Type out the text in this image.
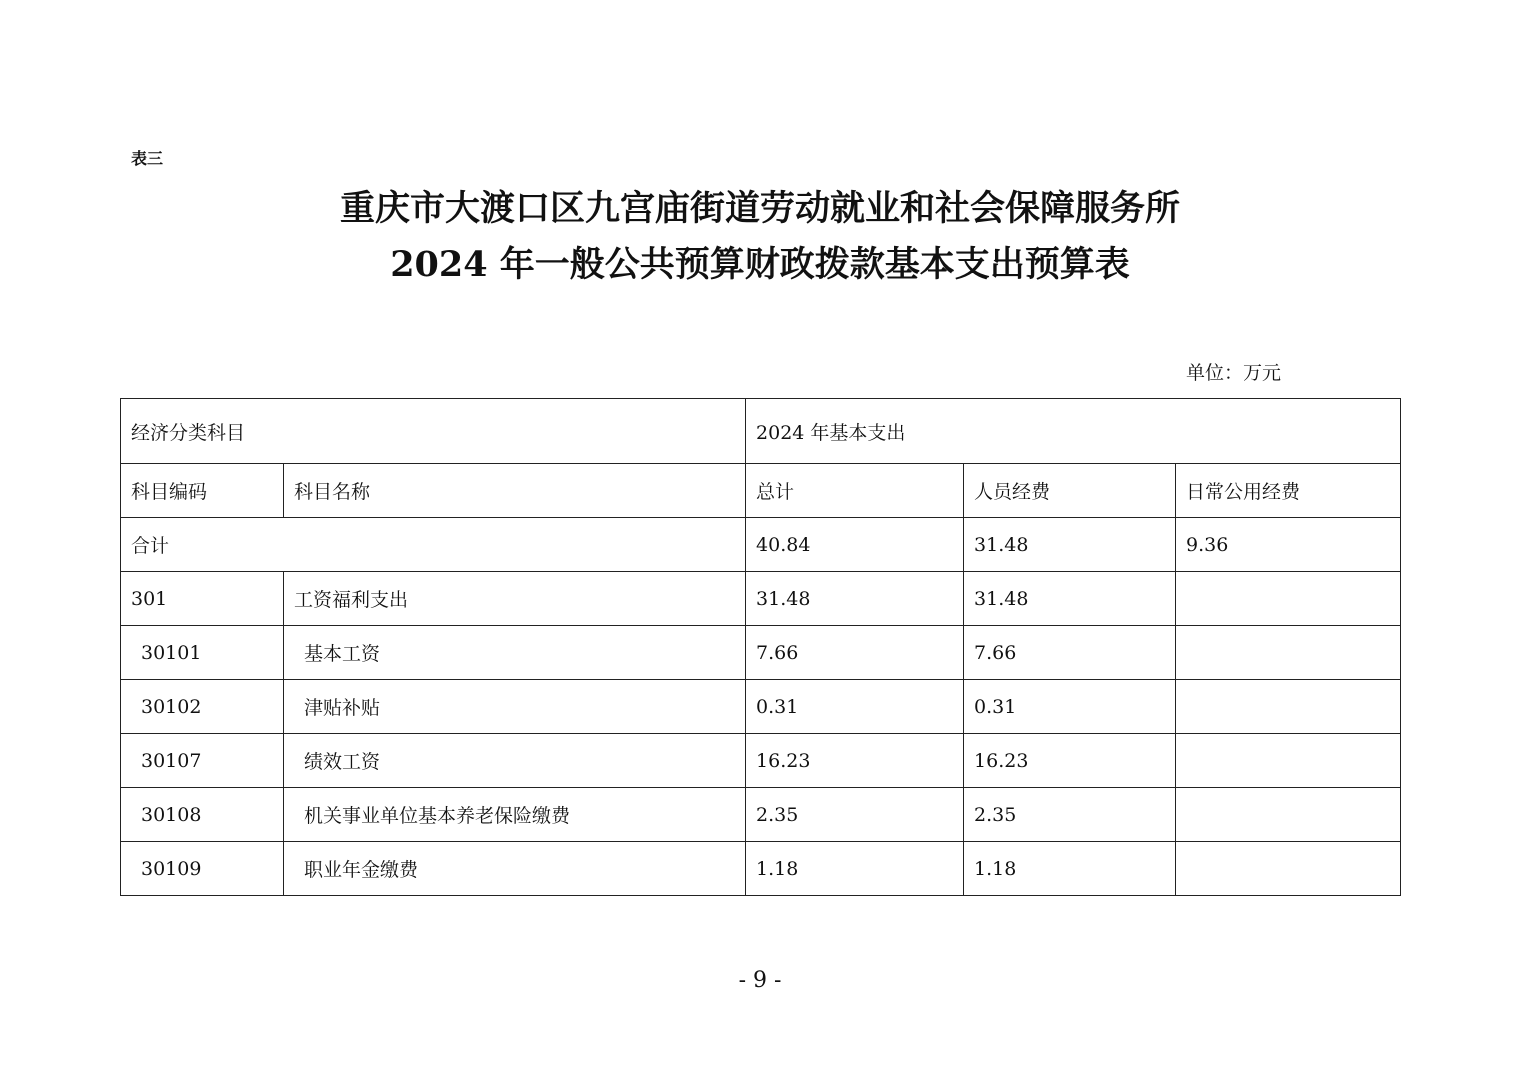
表三
重庆市大渡口区九宫庙街道劳动就业和社会保障服务所
2024 年一般公共预算财政拨款基本支出预算表
单位：万元
经济分类科目		2024 年基本支出		
科目编码	科目名称	总计	人员经费	日常公用经费
合计		40.84	31.48	9.36
301	工资福利支出	31.48	31.48	
30101	基本工资	7.66	7.66	
30102	津贴补贴	0.31	0.31	
30107	绩效工资	16.23	16.23	
30108	机关事业单位基本养老保险缴费	2.35	2.35	
30109	职业年金缴费	1.18	1.18	
- 9 -
